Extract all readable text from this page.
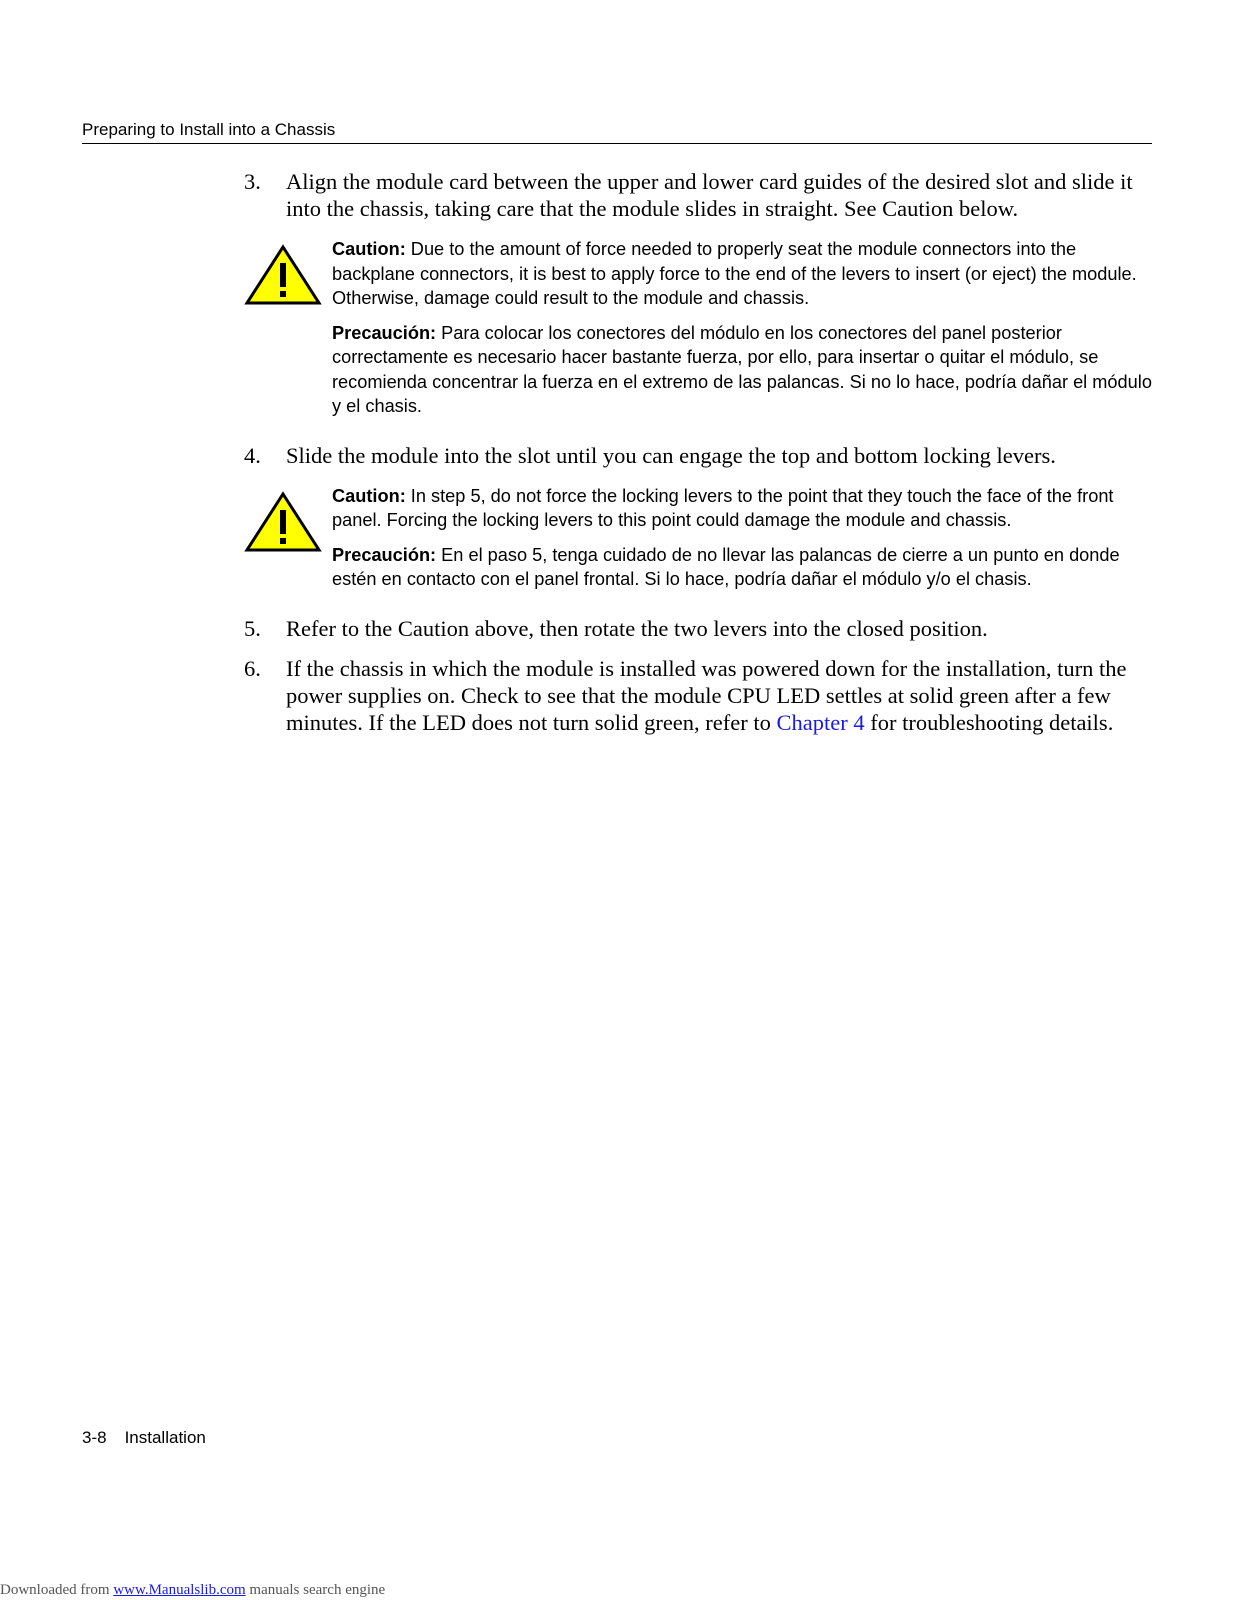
Preparing to Install into a Chassis
3.	Align the module card between the upper and lower card guides of the desired slot and slide it into the chassis, taking care that the module slides in straight. See Caution below.

Caution: Due to the amount of force needed to properly seat the module connectors into the backplane connectors, it is best to apply force to the end of the levers to insert (or eject) the module. Otherwise, damage could result to the module and chassis.

Precaución: Para colocar los conectores del módulo en los conectores del panel posterior correctamente es necesario hacer bastante fuerza, por ello, para insertar o quitar el módulo, se recomienda concentrar la fuerza en el extremo de las palancas. Si no lo hace, podría dañar el módulo y el chasis.

4.	Slide the module into the slot until you can engage the top and bottom locking levers.

Caution: In step 5, do not force the locking levers to the point that they touch the face of the front panel. Forcing the locking levers to this point could damage the module and chassis.

Precaución: En el paso 5, tenga cuidado de no llevar las palancas de cierre a un punto en donde estén en contacto con el panel frontal. Si lo hace, podría dañar el módulo y/o el chasis.

5.	Refer to the Caution above, then rotate the two levers into the closed position.
6.	If the chassis in which the module is installed was powered down for the installation, turn the power supplies on. Check to see that the module CPU LED settles at solid green after a few minutes. If the LED does not turn solid green, refer to Chapter 4 for troubleshooting details.
3-8 Installation
Downloaded from www.Manualslib.com manuals search engine
